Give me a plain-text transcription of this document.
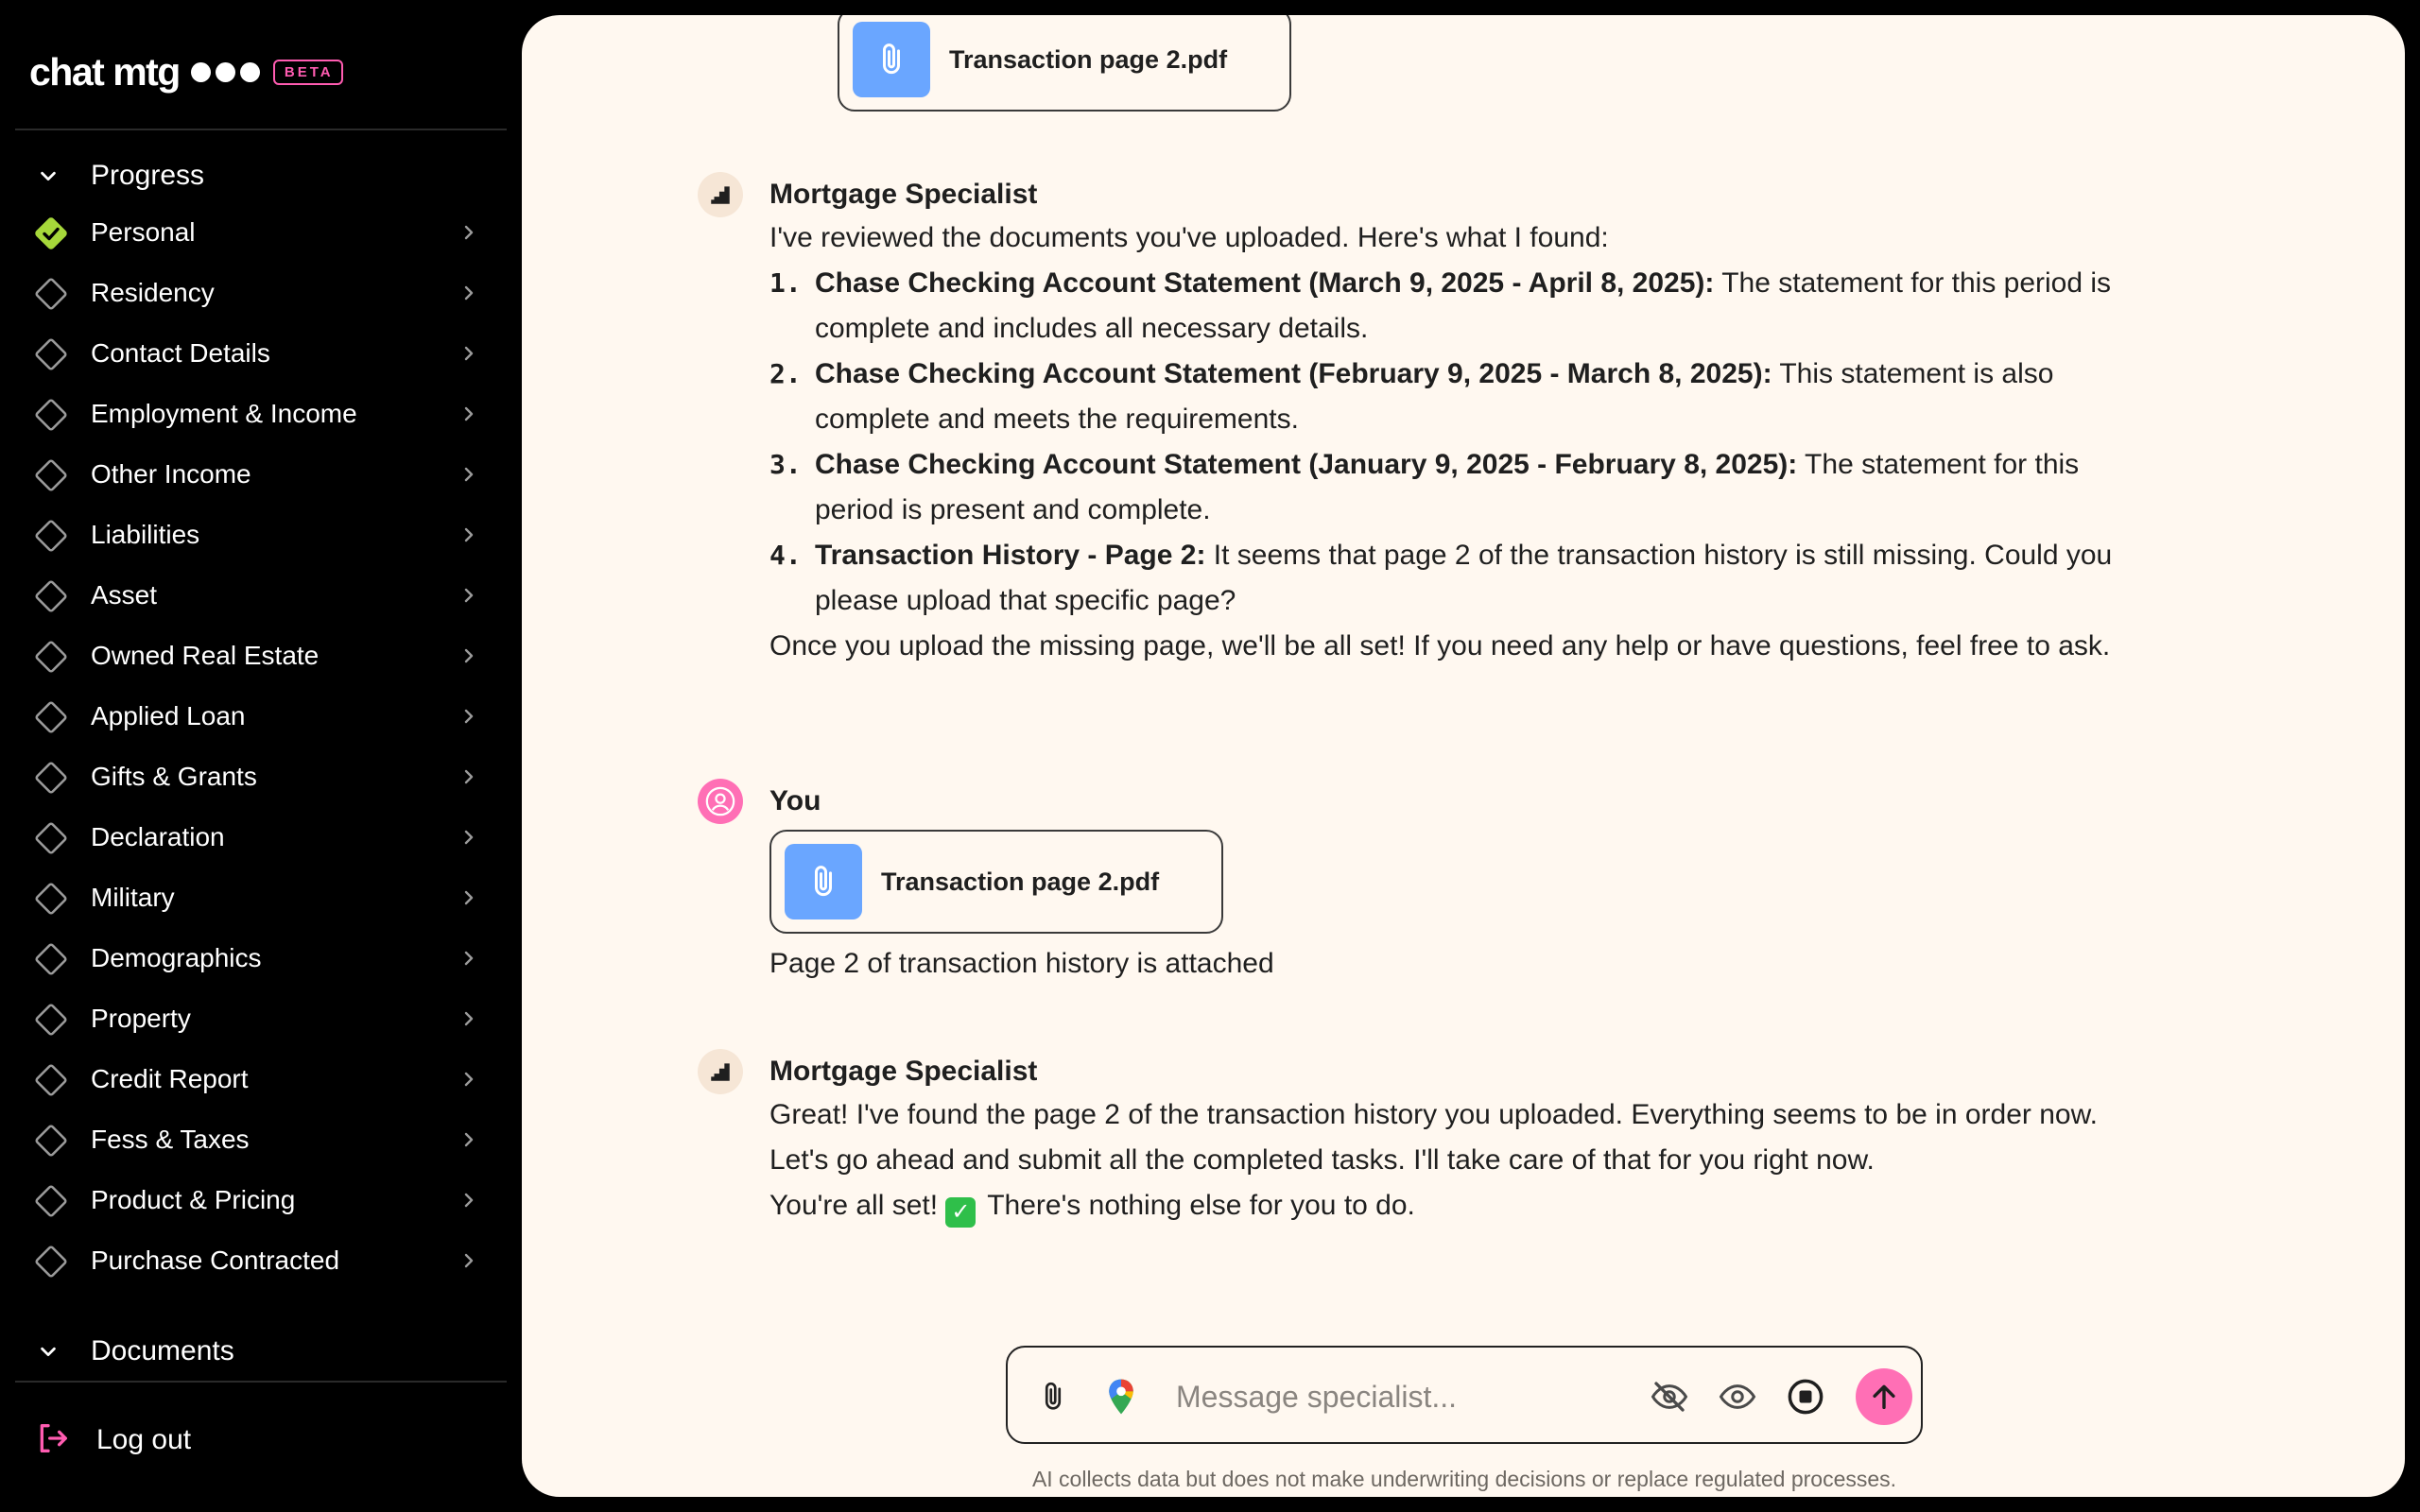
chat mtg	BETA
Progress
Personal
Residency
Contact Details
Employment & Income
Other Income
Liabilities
Asset
Owned Real Estate
Applied Loan
Gifts & Grants
Declaration
Military
Demographics
Property
Credit Report
Fess & Taxes
Product & Pricing
Purchase Contracted
Documents
Log out
Transaction page 2.pdf
Mortgage Specialist
I've reviewed the documents you've uploaded. Here's what I found:
1. Chase Checking Account Statement (March 9, 2025 - April 8, 2025): The statement for this period is complete and includes all necessary details.
2. Chase Checking Account Statement (February 9, 2025 - March 8, 2025): This statement is also complete and meets the requirements.
3. Chase Checking Account Statement (January 9, 2025 - February 8, 2025): The statement for this period is present and complete.
4. Transaction History - Page 2: It seems that page 2 of the transaction history is still missing. Could you please upload that specific page?
Once you upload the missing page, we'll be all set! If you need any help or have questions, feel free to ask.
You
Transaction page 2.pdf
Page 2 of transaction history is attached
Mortgage Specialist
Great! I've found the page 2 of the transaction history you uploaded. Everything seems to be in order now.
Let's go ahead and submit all the completed tasks. I'll take care of that for you right now.
You're all set! ✓ There's nothing else for you to do.
Message specialist...
AI collects data but does not make underwriting decisions or replace regulated processes.
